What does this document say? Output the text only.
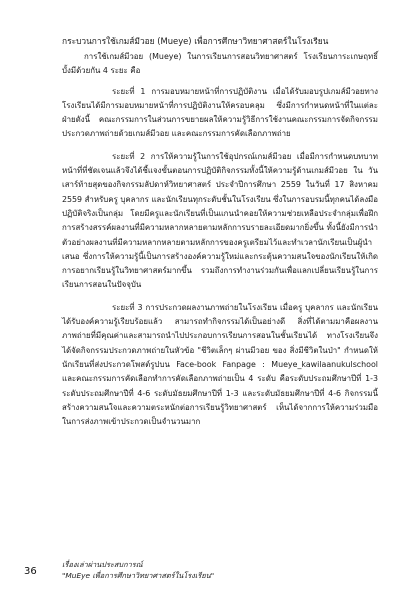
กระบวนการใช้เกมส์มีวอย (Mueye) เพื่อการศึกษาวิทยาศาสตร์ในโรงเรียน

การใช้เกมส์มีวอย (Mueye) ในการเรียนการสอนวิทยาศาสตร์ โรงเรียนการะเกษฤทธิ์ บั้งมีด้วยกัน 4 ระยะ คือ

ระยะที่ 1 การมอบหมายหน้าที่การปฏิบัติงาน เมื่อได้รับมอบรูปเกมส์มีวอยทางโรงเรียนได้มีการมอบหมายหน้าที่การปฏิบัติงานให้ครอบคลุม ซึ่งมีการกำหนดหน้าที่ในแต่ละฝ่ายดังนี้ คณะกรรมการในส่วนการขยายผลให้ความรู้วิธีการใช้งานคณะกรรมการจัดกิจกรรมประกวดภาพถ่ายด้วยเกมส์มีวอย และคณะกรรมการคัดเลือกภาพถ่าย

ระยะที่ 2 การให้ความรู้ในการใช้อุปกรณ์เกมส์มีวอย เมื่อมีการกำหนดบทบาทหน้าที่ที่ชัดเจนแล้วจึงได้ชี้แจงขั้นตอนการปฏิบัติกิจกรรมทั้งนี้ให้ความรู้ด้านเกมส์มีวอย ใน วันเสาร์ท้ายสุดของกิจกรรมลัปดาห์วิทยาศาสตร์ ประจำปีการศึกษา 2559 ในวันที่ 17 สิงหาคม 2559 สำหรับครู บุคลากร และนักเรียนทุกระดับชั้นในโรงเรียน ซึ่งในการอบรมนี้ทุกคนได้ลงมือปฏิบัติจริงเป็นกลุ่ม โดยมีครูและนักเรียนที่เป็นแกนนำคอยให้ความช่วยเหลือประจำกลุ่มเพื่อฝึกการสร้างสรรค์ผลงานที่มีความหลากหลายตามหลักการบรายละเอียดมากยิ่งขึ้น ทั้งนี้ยังมีการนำตัวอย่างผลงานที่มีความหลากหลายตามหลักการของครูเตรียมไว้และทำเวลานักเรียนเป็นผู้นำเสนอ ซึ่งการให้ความรู้นี้เป็นการสร้างองค์ความรู้ใหม่และกระตุ้นความสนใจของนักเรียนให้เกิดการอยากเรียนรู้ในวิทยาศาสตร์มากขึ้น รวมถึงการทำงานร่วมกันเพื่อแลกเปลี่ยนเรียนรู้ในการเรียนการสอนในปัจจุบัน

ระยะที่ 3 การประกวดผลงานภาพถ่ายในโรงเรียน เมื่อครู บุคลากร และนักเรียนได้รับองค์ความรู้เรียบร้อยแล้ว สามารถทำกิจกรรมได้เป็นอย่างดี สิ่งที่ได้ตามมาคือผลงานภาพถ่ายที่มีคุณค่าและสามารถนำไปประกอบการเรียนการสอนในชั้นเรียนได้ ทางโรงเรียนจึงได้จัดกิจกรรมประกวดภาพถ่ายในหัวข้อ "ชีวิตเล็กๆ ผ่านมีวอย ของ สิ่งมีชีวิตในป่า" กำหนดให้นักเรียนที่ส่งประกวดโพสต์รูปบน Face-book Fanpage : Mueye_kawilaanukulschool และคณะกรรมการคัดเลือกทำการคัดเลือกภาพถ่ายเป็น 4 ระดับ คือระดับประถมศึกษาปีที่ 1-3 ระดับประถมศึกษาปีที่ 4-6 ระดับมัธยมศึกษาปีที่ 1-3 และระดับมัธยมศึกษาปีที่ 4-6 กิจกรรมนี้สร้างความสนใจและความตระหนักต่อการเรียนรู้วิทยาศาสตร์ เห็นได้จากการให้ความร่วมมือในการส่งภาพเข้าประกวดเป็นจำนวนมาก

36
เรื่องเล่าผ่านประสบการณ์
"MuEye เพื่อการศึกษาวิทยาศาสตร์ในโรงเรียน"
